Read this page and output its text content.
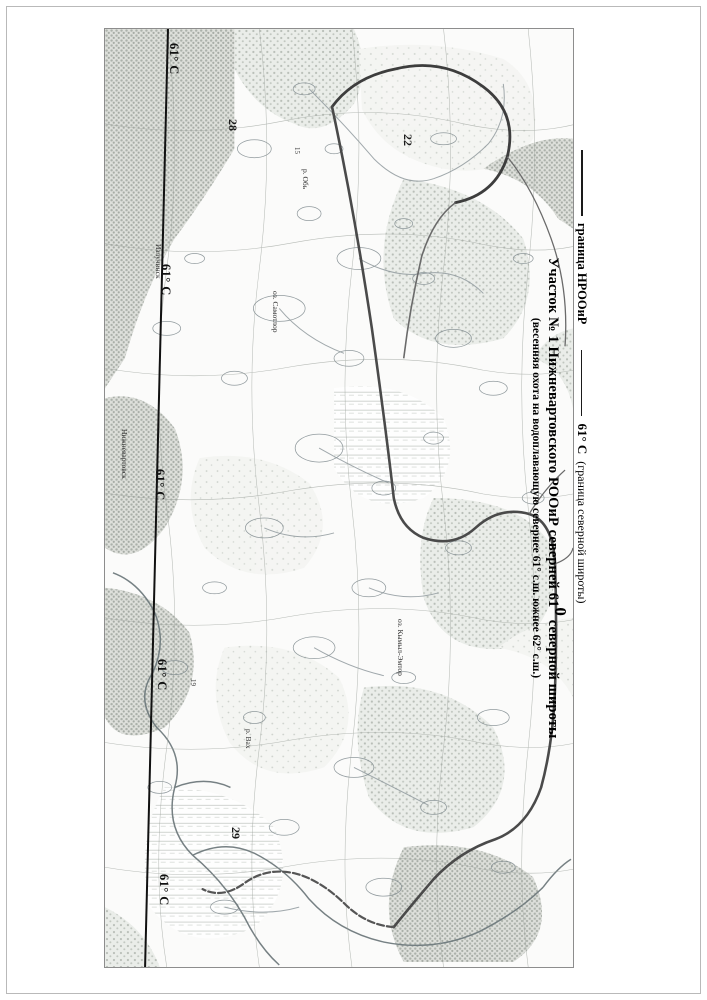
61° С
61° С
61° С
61° С
61° С
28
22
29
19
15
оз. Самотлор
р. Вах
р. Обь
Нижневартовск
Излучинск
оз. Кымыл-Эмтор
Участок № 1 Нижневартовского РООиР северней $61^0$ северной широты
(весенняя охота на водоплавающую севернее 61° с.ш. южнее 62° с.ш.)
граница НРООиР
61° С
(граница северной широты)
